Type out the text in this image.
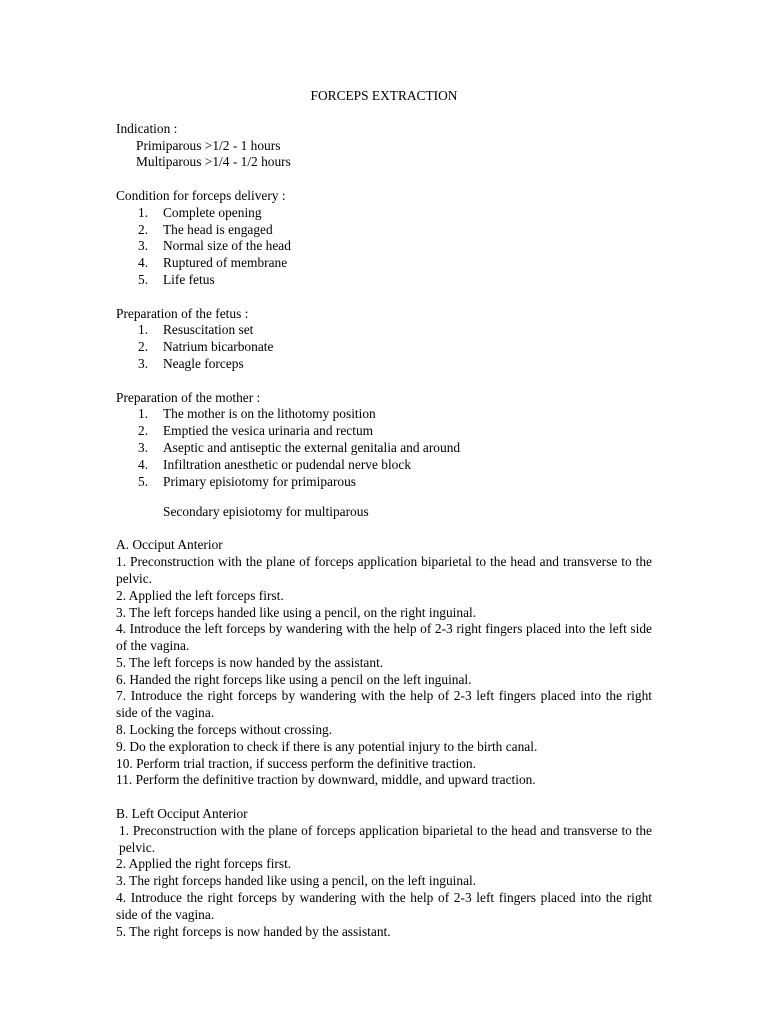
FORCEPS EXTRACTION

Indication :

Primiparous >1/2 - 1 hours

Multiparous >1/4 - 1/2 hours

Condition for forceps delivery :

1.	Complete opening
2.	The head is engaged
3.	Normal size of the head
4.	Ruptured of membrane
5.	Life fetus

Preparation of the fetus :

1.	Resuscitation set
2.	Natrium bicarbonate
3.	Neagle forceps

Preparation of the mother :

1.	The mother is on the lithotomy position
2.	Emptied the vesica urinaria and rectum
3.	Aseptic and antiseptic the external genitalia and around
4.	Infiltration anesthetic or pudendal nerve block
5.	Primary episiotomy for primiparous

Secondary episiotomy for multiparous

A. Occiput Anterior

1. Preconstruction with the plane of forceps application biparietal to the head and transverse to the pelvic.

2. Applied the left forceps first.

3. The left forceps handed like using a pencil, on the right inguinal.

4. Introduce the left forceps by wandering with the help of 2-3 right fingers placed into the left side of the vagina.

5. The left forceps is now handed by the assistant.

6. Handed the right forceps like using a pencil on the left inguinal.

7. Introduce the right forceps by wandering with the help of 2-3 left fingers placed into the right side of the vagina.

8. Locking the forceps without crossing.

9. Do the exploration to check if there is any potential injury to the birth canal.

10. Perform trial traction, if success perform the definitive traction.

11. Perform the definitive traction by downward, middle, and upward traction.

B. Left Occiput Anterior

1. Preconstruction with the plane of forceps application biparietal to the head and transverse to the pelvic.

2. Applied the right forceps first.

3. The right forceps handed like using a pencil, on the left inguinal.

4. Introduce the right forceps by wandering with the help of 2-3 left fingers placed into the right side of the vagina.

5. The right forceps is now handed by the assistant.
